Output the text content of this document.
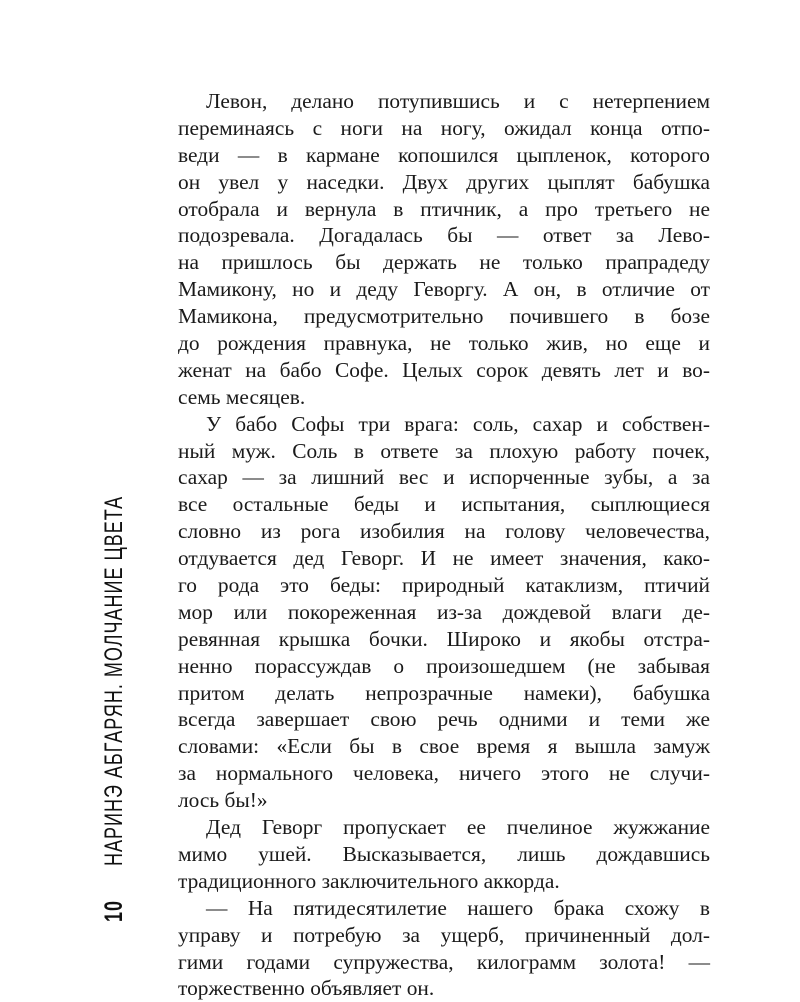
Левон, делано потупившись и с нетерпением
переминаясь с ноги на ногу, ожидал конца отпо-
веди — в кармане копошился цыпленок, которого
он увел у наседки. Двух других цыплят бабушка
отобрала и вернула в птичник, а про третьего не
подозревала. Догадалась бы — ответ за Лево-
на пришлось бы держать не только прапрадеду
Мамикону, но и деду Геворгу. А он, в отличие от
Мамикона, предусмотрительно почившего в бозе
до рождения правнука, не только жив, но еще и
женат на бабо Софе. Целых сорок девять лет и во-
семь месяцев.
У бабо Софы три врага: соль, сахар и собствен-
ный муж. Соль в ответе за плохую работу почек,
сахар — за лишний вес и испорченные зубы, а за
все остальные беды и испытания, сыплющиеся
словно из рога изобилия на голову человечества,
отдувается дед Геворг. И не имеет значения, како-
го рода это беды: природный катаклизм, птичий
мор или покореженная из-за дождевой влаги де-
ревянная крышка бочки. Широко и якобы отстра-
ненно порассуждав о произошедшем (не забывая
притом делать непрозрачные намеки), бабушка
всегда завершает свою речь одними и теми же
словами: «Если бы в свое время я вышла замуж
за нормального человека, ничего этого не случи-
лось бы!»
Дед Геворг пропускает ее пчелиное жужжание
мимо ушей. Высказывается, лишь дождавшись
традиционного заключительного аккорда.
— На пятидесятилетие нашего брака схожу в
управу и потребую за ущерб, причиненный дол-
гими годами супружества, килограмм золота! —
торжественно объявляет он.
10
НАРИНЭ АБГАРЯН. МОЛЧАНИЕ ЦВЕТА
